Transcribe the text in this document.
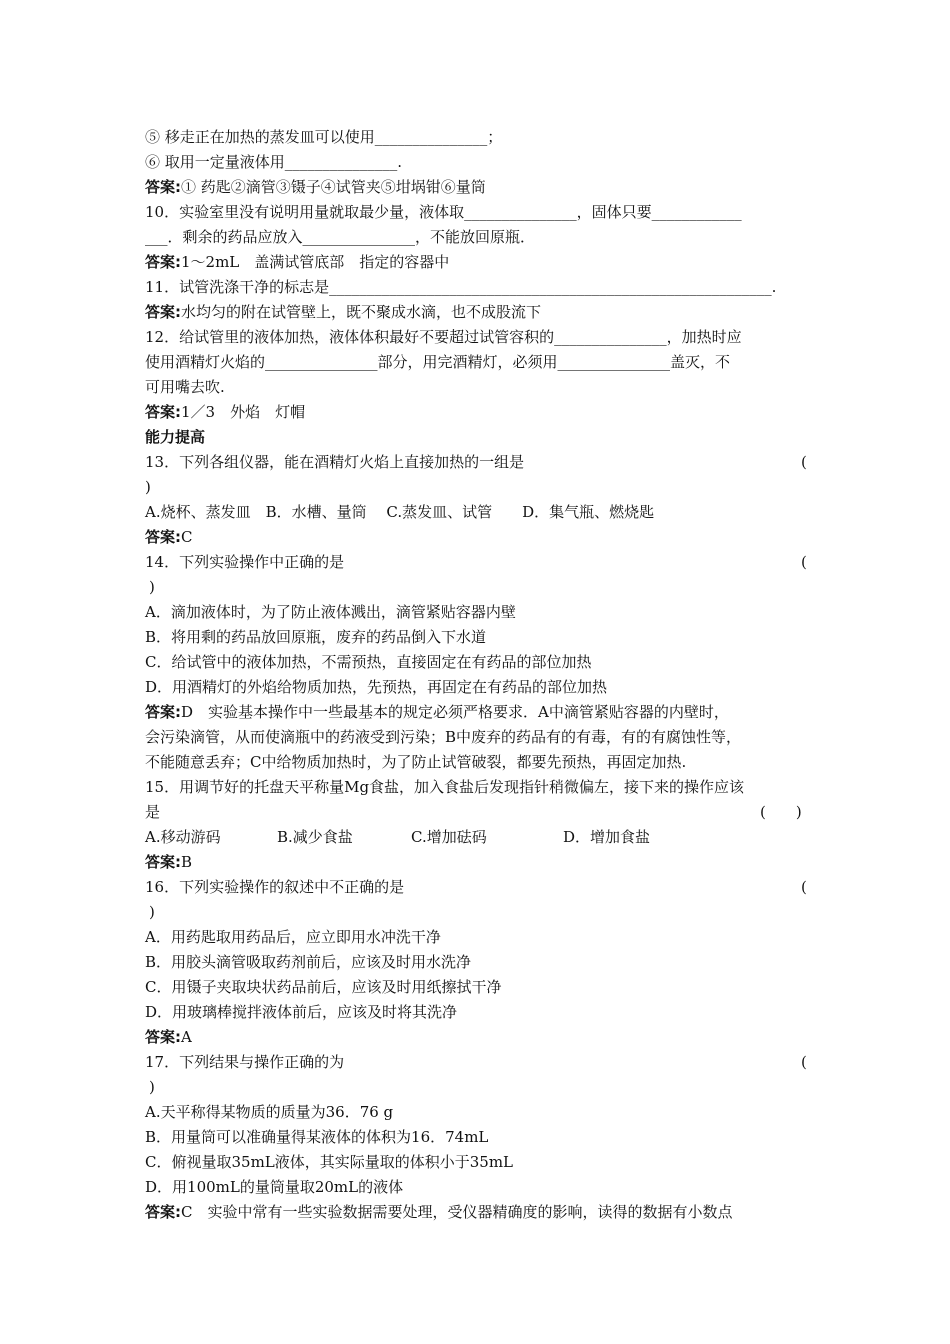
⑤ 移走正在加热的蒸发皿可以使用_______________；
⑥ 取用一定量液体用_______________.
答案:① 药匙②滴管③镊子④试管夹⑤坩埚钳⑥量筒
10．实验室里没有说明用量就取最少量，液体取_______________，固体只要____________
___．剩余的药品应放入_______________，不能放回原瓶．
答案:1～2mL　盖满试管底部　指定的容器中
11．试管洗涤干净的标志是___________________________________________________________.
答案:水均匀的附在试管壁上，既不聚成水滴，也不成股流下
12．给试管里的液体加热，液体体积最好不要超过试管容积的_______________，加热时应
使用酒精灯火焰的_______________部分，用完酒精灯，必须用_______________盖灭，不
可用嘴去吹.
答案:1／3　外焰　灯帽
能力提高
13．下列各组仪器，能在酒精灯火焰上直接加热的一组是	(
)
A.烧杯、蒸发皿　B．水槽、量筒　 C.蒸发皿、试管　　D．集气瓶、燃烧匙
答案:C
14．下列实验操作中正确的是	(
)
A．滴加液体时，为了防止液体溅出，滴管紧贴容器内壁
B．将用剩的药品放回原瓶，废弃的药品倒入下水道
C．给试管中的液体加热，不需预热，直接固定在有药品的部位加热
D．用酒精灯的外焰给物质加热，先预热，再固定在有药品的部位加热
答案:D　实验基本操作中一些最基本的规定必须严格要求．A中滴管紧贴容器的内壁时，
会污染滴管，从而使滴瓶中的药液受到污染；B中废弃的药品有的有毒，有的有腐蚀性等，
不能随意丢弃；C中给物质加热时，为了防止试管破裂，都要先预热，再固定加热.
15．用调节好的托盘天平称量Mg食盐，加入食盐后发现指针稍微偏左，接下来的操作应该
是	(　　)
A.移动游码	B.减少食盐	C.增加砝码	D．增加食盐
答案:B
16．下列实验操作的叙述中不正确的是	(
)
A．用药匙取用药品后，应立即用水冲洗干净
B．用胶头滴管吸取药剂前后，应该及时用水洗净
C．用镊子夹取块状药品前后，应该及时用纸擦拭干净
D．用玻璃棒搅拌液体前后，应该及时将其洗净
答案:A
17．下列结果与操作正确的为	(
)
A.天平称得某物质的质量为36．76 g
B．用量筒可以准确量得某液体的体积为16．74mL
C．俯视量取35mL液体，其实际量取的体积小于35mL
D．用100mL的量筒量取20mL的液体
答案:C　实验中常有一些实验数据需要处理，受仪器精确度的影响，读得的数据有小数点
